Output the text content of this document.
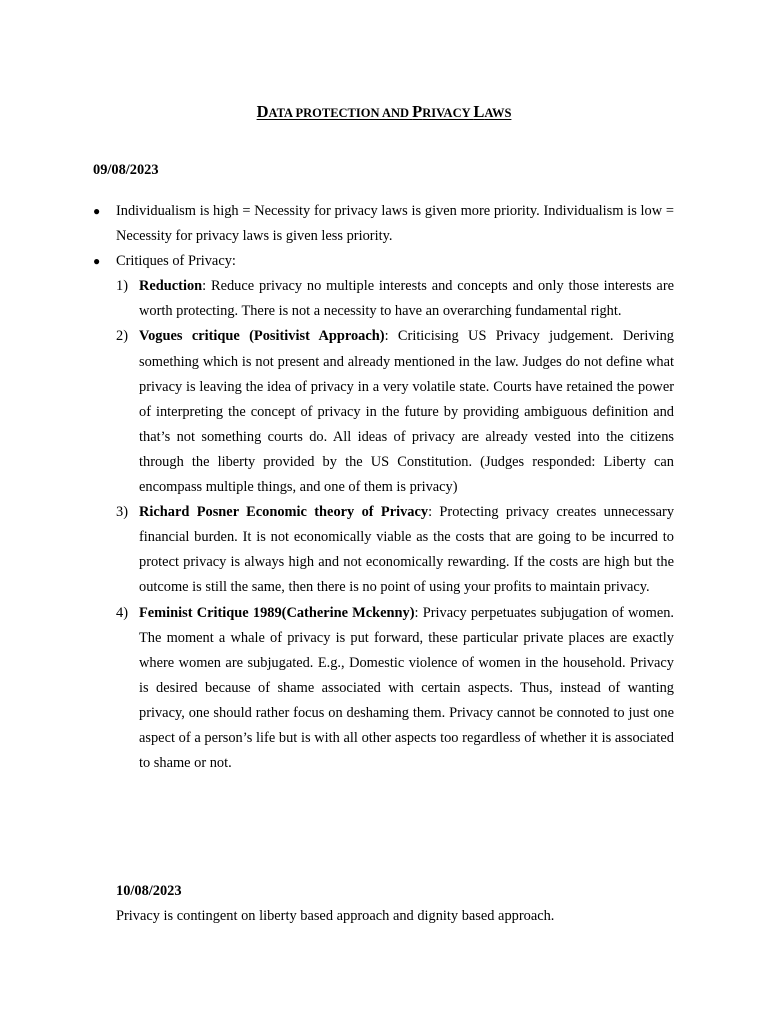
DATA PROTECTION AND PRIVACY LAWS
09/08/2023
● Individualism is high = Necessity for privacy laws is given more priority. Individualism is low = Necessity for privacy laws is given less priority.
● Critiques of Privacy:
1) Reduction: Reduce privacy no multiple interests and concepts and only those interests are worth protecting. There is not a necessity to have an overarching fundamental right.
2) Vogues critique (Positivist Approach): Criticising US Privacy judgement. Deriving something which is not present and already mentioned in the law. Judges do not define what privacy is leaving the idea of privacy in a very volatile state. Courts have retained the power of interpreting the concept of privacy in the future by providing ambiguous definition and that’s not something courts do. All ideas of privacy are already vested into the citizens through the liberty provided by the US Constitution. (Judges responded: Liberty can encompass multiple things, and one of them is privacy)
3) Richard Posner Economic theory of Privacy: Protecting privacy creates unnecessary financial burden. It is not economically viable as the costs that are going to be incurred to protect privacy is always high and not economically rewarding. If the costs are high but the outcome is still the same, then there is no point of using your profits to maintain privacy.
4) Feminist Critique 1989(Catherine Mckenny): Privacy perpetuates subjugation of women. The moment a whale of privacy is put forward, these particular private places are exactly where women are subjugated. E.g., Domestic violence of women in the household. Privacy is desired because of shame associated with certain aspects. Thus, instead of wanting privacy, one should rather focus on deshaming them. Privacy cannot be connoted to just one aspect of a person’s life but is with all other aspects too regardless of whether it is associated to shame or not.
10/08/2023
Privacy is contingent on liberty based approach and dignity based approach.
